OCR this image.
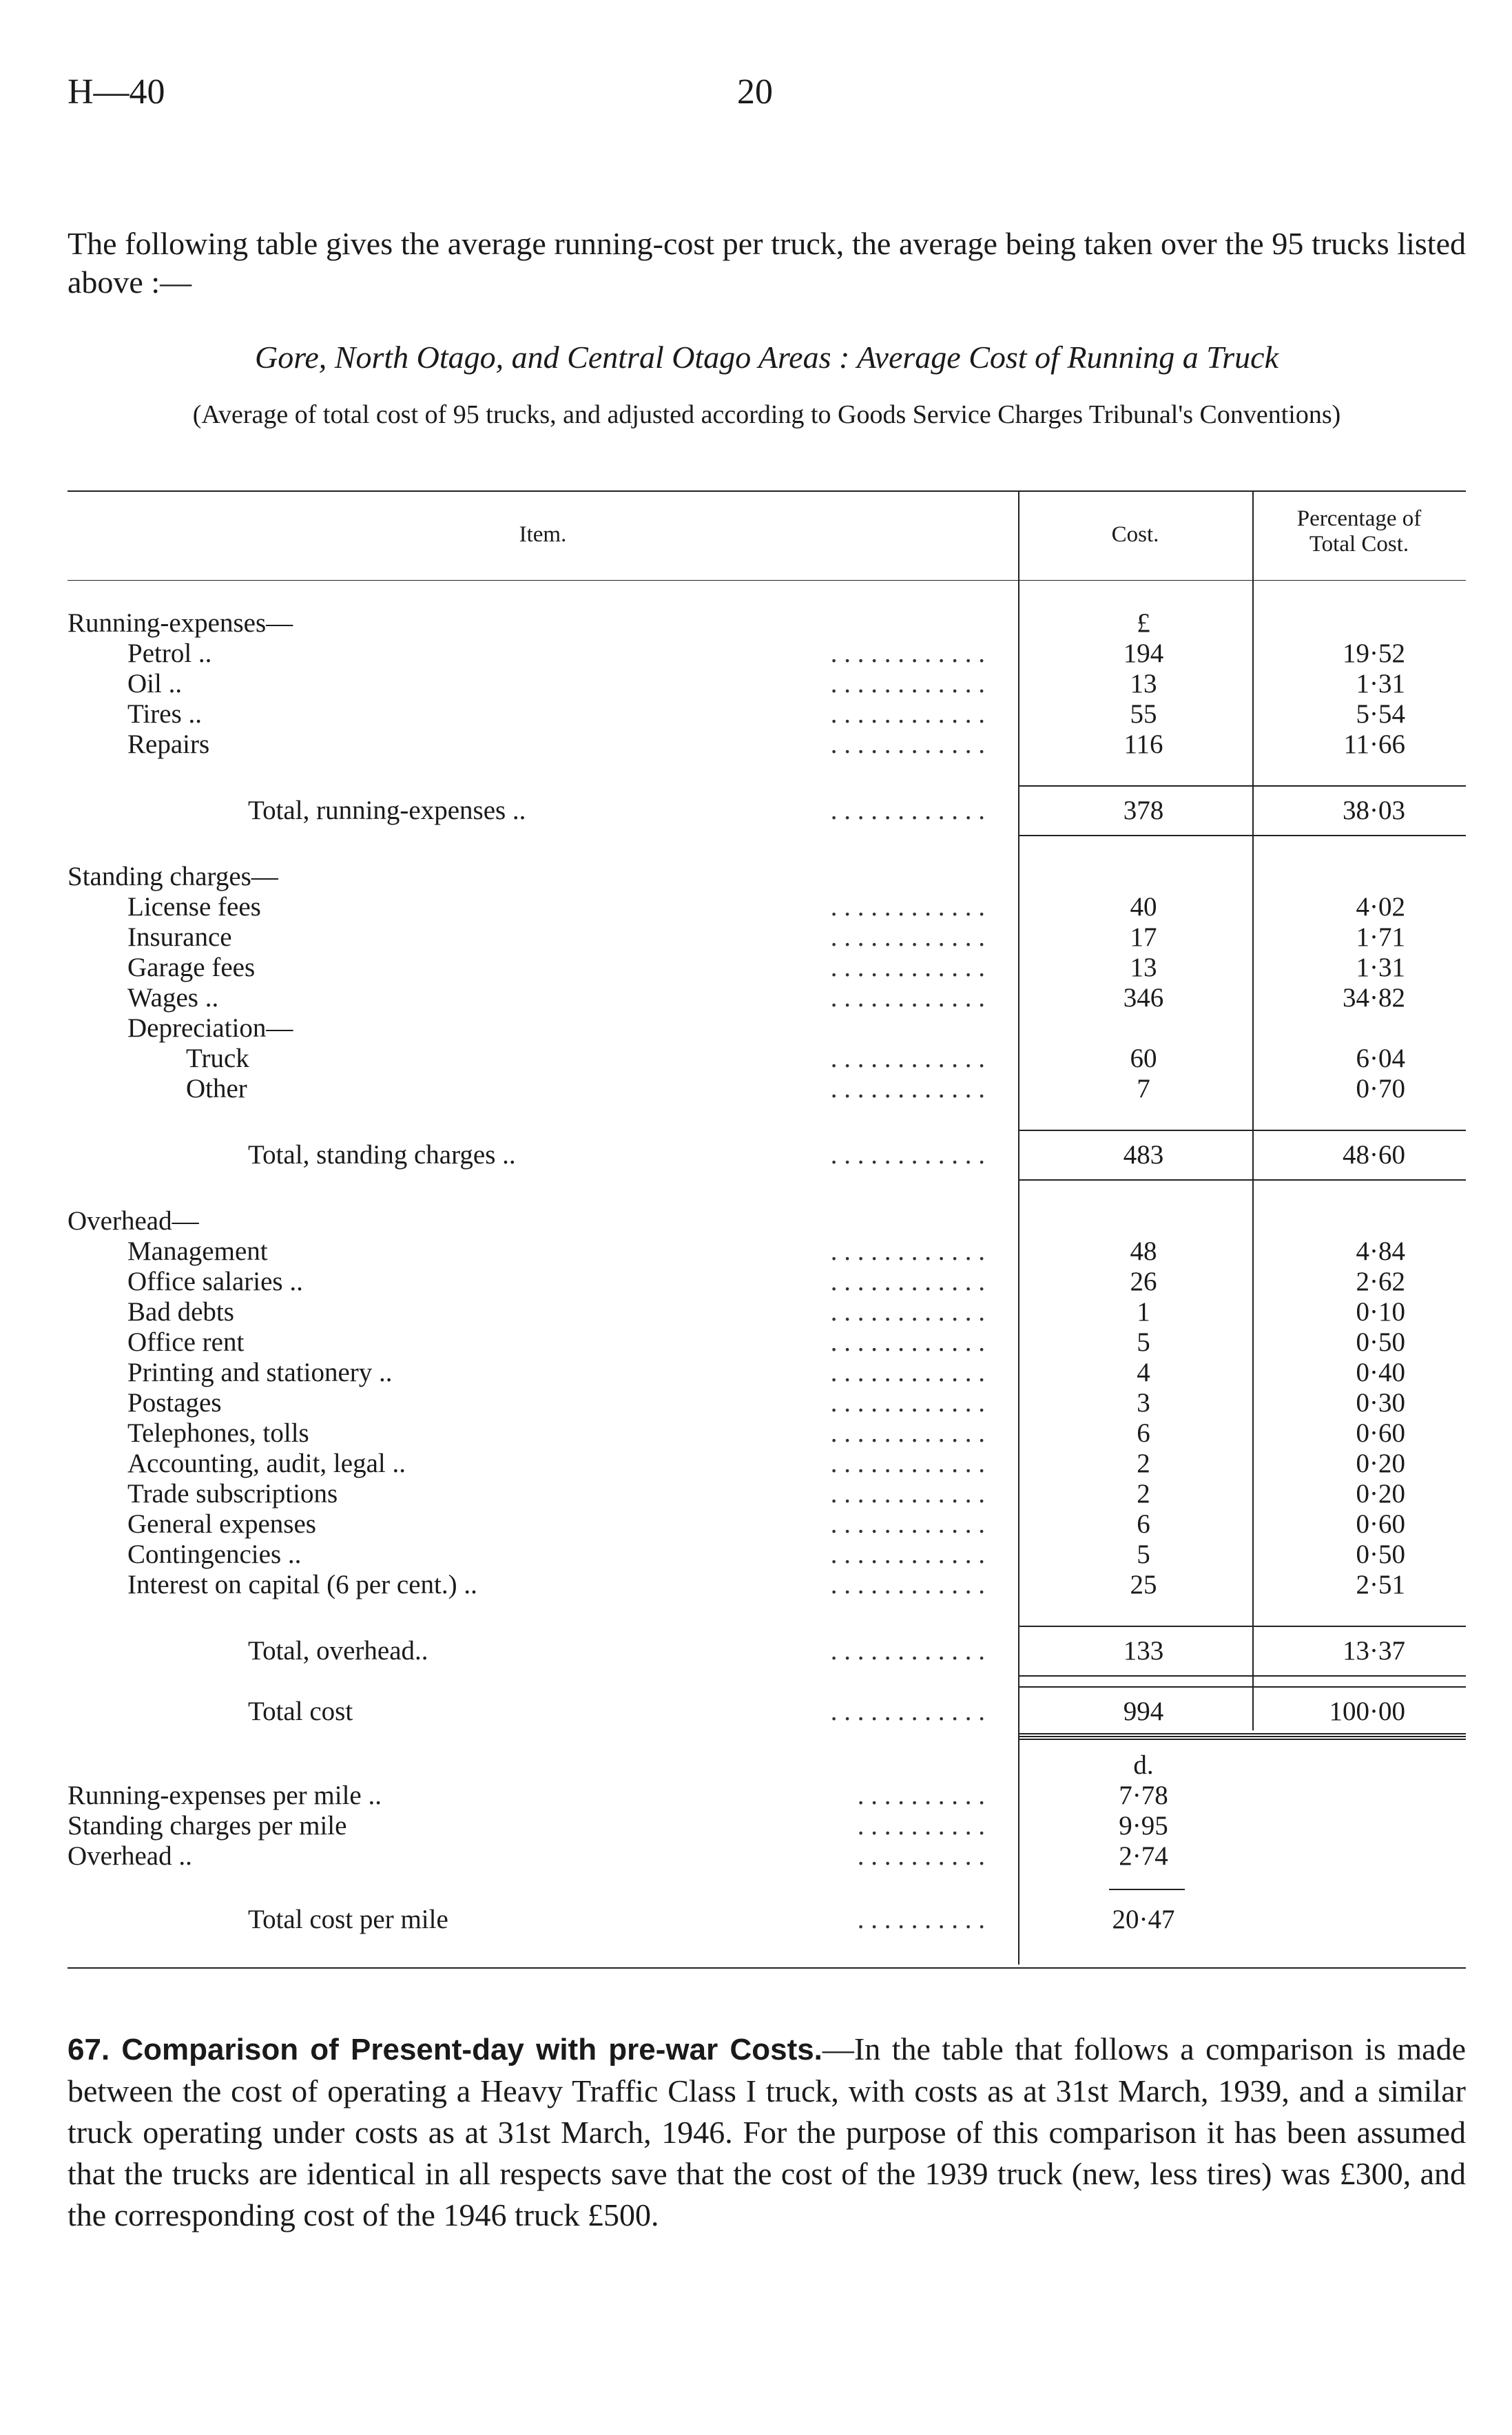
H—40	20
The following table gives the average running-cost per truck, the average being taken over the 95 trucks listed above :—
Gore, North Otago, and Central Otago Areas : Average Cost of Running a Truck
(Average of total cost of 95 trucks, and adjusted according to Goods Service Charges Tribunal's Conventions)
Item.	Cost.
Percentage of
Total Cost.
Running-expenses—	£
Petrol ..	. . . . . . . . . . . .	194	19·52
Oil ..	. . . . . . . . . . . .	13	1·31
Tires ..	. . . . . . . . . . . .	55	5·54
Repairs	. . . . . . . . . . . .	116	11·66
Total, running-expenses ..	. . . . . . . . . . . .	378	38·03
Standing charges—
License fees	. . . . . . . . . . . .	40	4·02
Insurance	. . . . . . . . . . . .	17	1·71
Garage fees	. . . . . . . . . . . .	13	1·31
Wages ..	. . . . . . . . . . . .	346	34·82
Depreciation—
Truck	. . . . . . . . . . . .	60	6·04
Other	. . . . . . . . . . . .	7	0·70
Total, standing charges ..	. . . . . . . . . . . .	483	48·60
Overhead—
Management	. . . . . . . . . . . .	48	4·84
Office salaries ..	. . . . . . . . . . . .	26	2·62
Bad debts	. . . . . . . . . . . .	1	0·10
Office rent	. . . . . . . . . . . .	5	0·50
Printing and stationery ..	. . . . . . . . . . . .	4	0·40
Postages	. . . . . . . . . . . .	3	0·30
Telephones, tolls	. . . . . . . . . . . .	6	0·60
Accounting, audit, legal ..	. . . . . . . . . . . .	2	0·20
Trade subscriptions	. . . . . . . . . . . .	2	0·20
General expenses	. . . . . . . . . . . .	6	0·60
Contingencies ..	. . . . . . . . . . . .	5	0·50
Interest on capital (6 per cent.) ..	. . . . . . . . . . . .	25	2·51
Total, overhead..	. . . . . . . . . . . .	133	13·37
Total cost	. . . . . . . . . . . .	994	100·00
d.
Running-expenses per mile ..	. . . . . . . . . .	7·78
Standing charges per mile	. . . . . . . . . .	9·95
Overhead ..	. . . . . . . . . .	2·74
Total cost per mile	. . . . . . . . . .	20·47
67. Comparison of Present-day with pre-war Costs.—In the table that follows a comparison is made between the cost of operating a Heavy Traffic Class I truck, with costs as at 31st March, 1939, and a similar truck operating under costs as at 31st March, 1946. For the purpose of this comparison it has been assumed that the trucks are identical in all respects save that the cost of the 1939 truck (new, less tires) was £300, and the corresponding cost of the 1946 truck £500.
